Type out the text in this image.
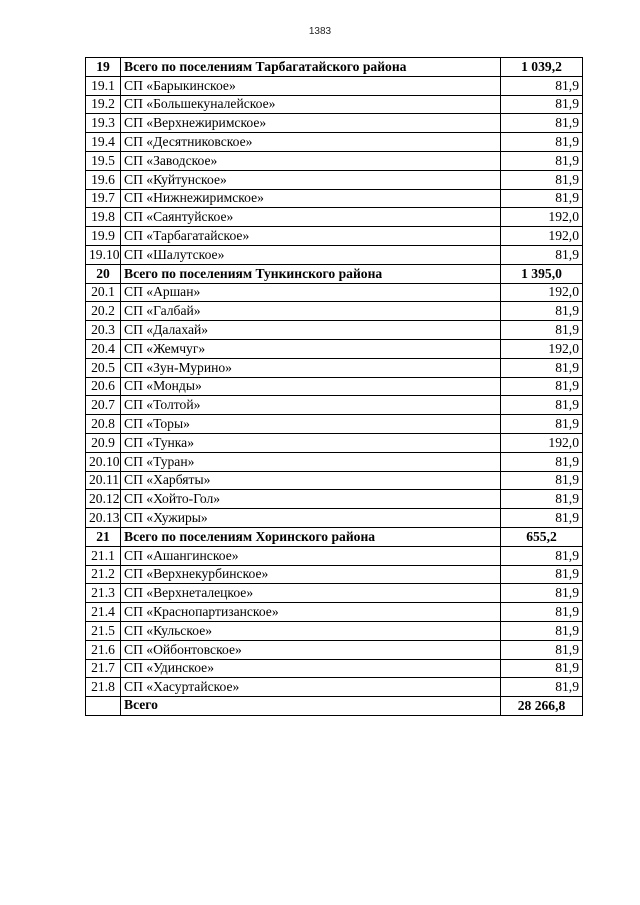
1383
19	Всего по поселениям Тарбагатайского района	1 039,2
19.1	СП «Барыкинское»	81,9
19.2	СП «Большекуналейское»	81,9
19.3	СП «Верхнежиримское»	81,9
19.4	СП «Десятниковское»	81,9
19.5	СП «Заводское»	81,9
19.6	СП «Куйтунское»	81,9
19.7	СП «Нижнежиримское»	81,9
19.8	СП «Саянтуйское»	192,0
19.9	СП «Тарбагатайское»	192,0
19.10	СП «Шалутское»	81,9
20	Всего по поселениям Тункинского района	1 395,0
20.1	СП «Аршан»	192,0
20.2	СП «Галбай»	81,9
20.3	СП «Далахай»	81,9
20.4	СП «Жемчуг»	192,0
20.5	СП «Зун-Мурино»	81,9
20.6	СП «Монды»	81,9
20.7	СП «Толтой»	81,9
20.8	СП «Торы»	81,9
20.9	СП «Тунка»	192,0
20.10	СП «Туран»	81,9
20.11	СП «Харбяты»	81,9
20.12	СП «Хойто-Гол»	81,9
20.13	СП «Хужиры»	81,9
21	Всего по поселениям Хоринского района	655,2
21.1	СП «Ашангинское»	81,9
21.2	СП «Верхнекурбинское»	81,9
21.3	СП «Верхнеталецкое»	81,9
21.4	СП «Краснопартизанское»	81,9
21.5	СП «Кульское»	81,9
21.6	СП «Ойбонтовское»	81,9
21.7	СП «Удинское»	81,9
21.8	СП «Хасуртайское»	81,9
	Всего	28 266,8
